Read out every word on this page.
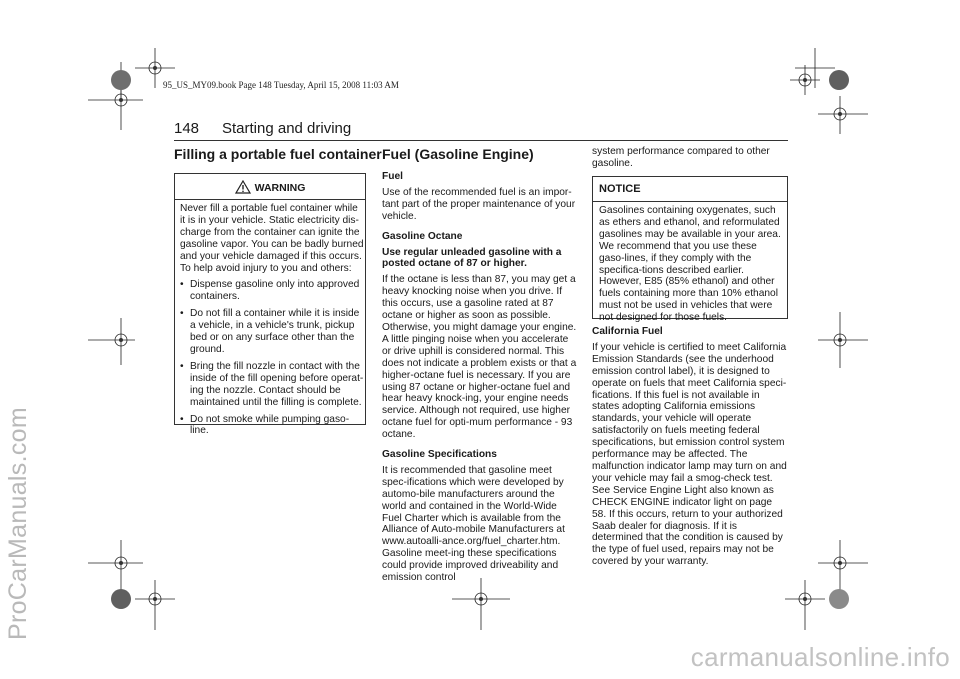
ProCarManuals.com
carmanualsonline.info
95_US_MY09.book Page 148 Tuesday, April 15, 2008 11:03 AM
148 Starting and driving
Filling a portable fuel container
WARNING

Never fill a portable fuel container while it is in your vehicle. Static electricity dis-charge from the container can ignite the gasoline vapor. You can be badly burned and your vehicle damaged if this occurs. To help avoid injury to you and others:

• Dispense gasoline only into approved containers.
• Do not fill a container while it is inside a vehicle, in a vehicle's trunk, pickup bed or on any surface other than the ground.
• Bring the fill nozzle in contact with the inside of the fill opening before operat-ing the nozzle. Contact should be maintained until the filling is complete.
• Do not smoke while pumping gaso-line.
Fuel (Gasoline Engine)

Fuel

Use of the recommended fuel is an impor-tant part of the proper maintenance of your vehicle.

Gasoline Octane

Use regular unleaded gasoline with a posted octane of 87 or higher.

If the octane is less than 87, you may get a heavy knocking noise when you drive. If this occurs, use a gasoline rated at 87 octane or higher as soon as possible. Otherwise, you might damage your engine. A little pinging noise when you accelerate or drive uphill is considered normal. This does not indicate a problem exists or that a higher-octane fuel is necessary. If you are using 87 octane or higher-octane fuel and hear heavy knock-ing, your engine needs service. Although not required, use higher octane fuel for opti-mum performance - 93 octane.

Gasoline Specifications

It is recommended that gasoline meet spec-ifications which were developed by automo-bile manufacturers around the world and contained in the World-Wide Fuel Charter which is available from the Alliance of Auto-mobile Manufacturers at www.autoalli-ance.org/fuel_charter.htm. Gasoline meet-ing these specifications could provide improved driveability and emission control

system performance compared to other gasoline.

NOTICE
Gasolines containing oxygenates, such as ethers and ethanol, and reformulated gasolines may be available in your area. We recommend that you use these gaso-lines, if they comply with the specifica-tions described earlier. However, E85 (85% ethanol) and other fuels containing more than 10% ethanol must not be used in vehicles that were not designed for those fuels.

California Fuel

If your vehicle is certified to meet California Emission Standards (see the underhood emission control label), it is designed to operate on fuels that meet California speci-fications. If this fuel is not available in states adopting California emissions standards, your vehicle will operate satisfactorily on fuels meeting federal specifications, but emission control system performance may be affected. The malfunction indicator lamp may turn on and your vehicle may fail a smog-check test. See Service Engine Light also known as CHECK ENGINE indicator light on page 58. If this occurs, return to your authorized Saab dealer for diagnosis. If it is determined that the condition is caused by the type of fuel used, repairs may not be covered by your warranty.
